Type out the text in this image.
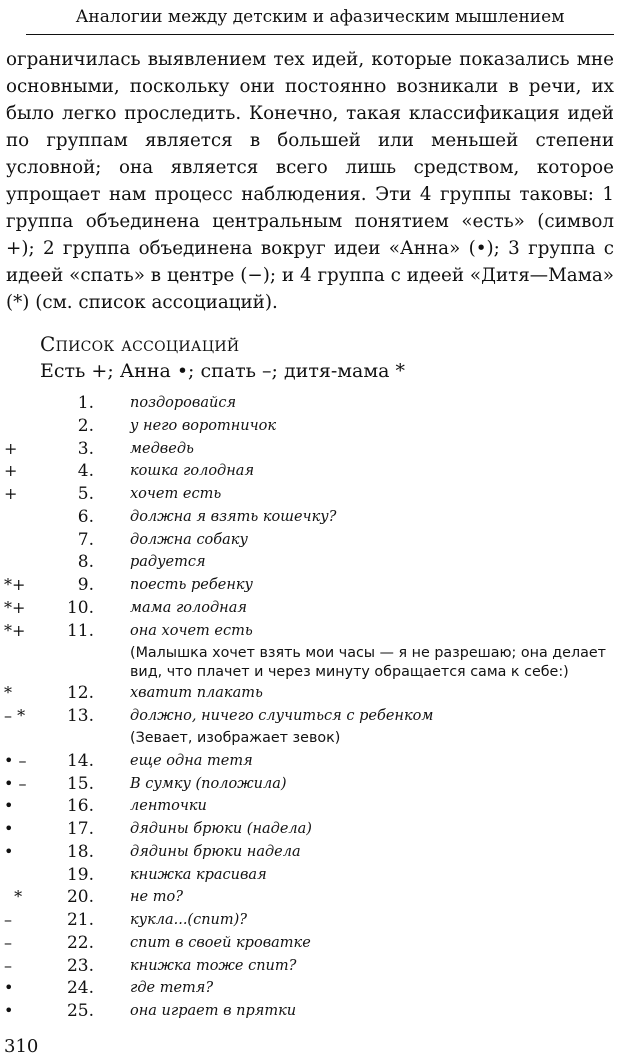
Аналогии между детским и афазическим мышлением

ограничилась выявлением тех идей, которые показались мне основными, поскольку они постоянно возникали в речи, их было легко проследить. Конечно, такая классификация идей по группам является в большей или меньшей степени условной; она является всего лишь средством, которое упрощает нам процесс наблюдения. Эти 4 группы таковы: 1 группа объединена центральным понятием «есть» (символ +); 2 группа объединена вокруг идеи «Анна» (•); 3 группа с идеей «спать» в центре (−); и 4 группа с идеей «Дитя—Мама» (*) (см. список ассоциаций).

Список ассоциаций
Есть +; Анна •; спать –; дитя-мама *
1. поздоровайся
2. у него воротничок
+	3. медведь
+	4. кошка голодная
+	5. хочет есть
6. должна я взять кошечку?
7. должна собаку
8. радуется
*+	9. поесть ребенку
*+	10. мама голодная
*+	11. она хочет есть

(Малышка хочет взять мои часы — я не разрешаю; она делает вид, что плачет и через минуту обращается сама к себе:)

*	12. хватит плакать
– *	13. должно, ничего случиться с ребенком

(Зевает, изображает зевок)

• –	14. еще одна тетя
• –	15. В сумку (положила)
•	16. ленточки
•	17. дядины брюки (надела)
•	18. дядины брюки надела
19. книжка красивая
*	20. не то?
–	21. кукла...(спит)?
–	22. спит в своей кроватке
–	23. книжка тоже спит?
•	24. где тетя?
•	25. она играет в прятки
310
